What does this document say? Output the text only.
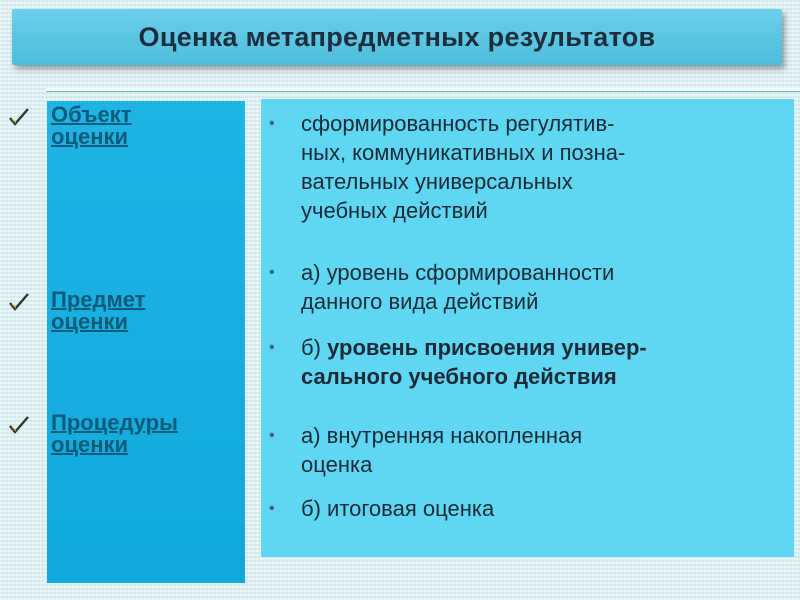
Оценка метапредметных результатов
Объект
оценки
Предмет
оценки
Процедуры
оценки
• сформированность регулятив-
ных, коммуникативных и позна-
вательных универсальных
учебных действий
• а) уровень сформированности
данного вида действий
• б) уровень присвоения универ-
сального учебного действия
• а) внутренняя накопленная
оценка
• б) итоговая оценка
